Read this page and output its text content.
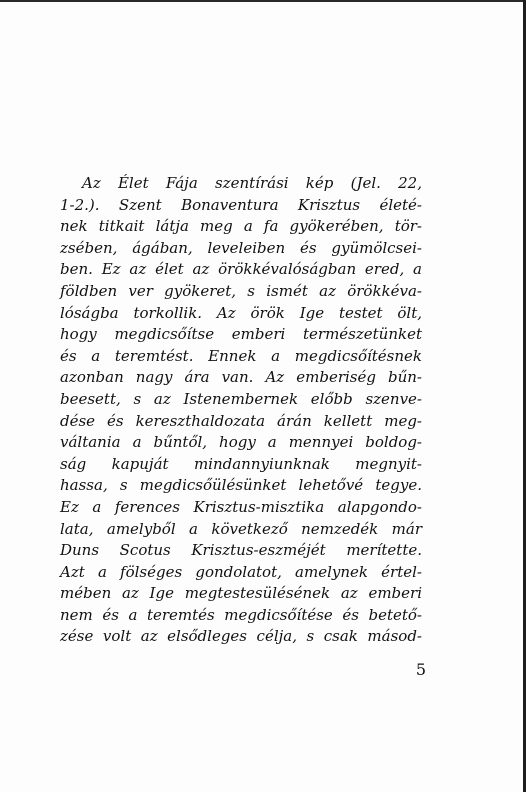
Az Élet Fája szentírási kép (Jel. 22,
1-2.). Szent Bonaventura Krisztus életé-
nek titkait látja meg a fa gyökerében, tör-
zsében, ágában, leveleiben és gyümölcsei-
ben. Ez az élet az örökkévalóságban ered, a
földben ver gyökeret, s ismét az örökkéva-
lóságba torkollik. Az örök Ige testet ölt,
hogy megdicsőítse emberi természetünket
és a teremtést. Ennek a megdicsőítésnek
azonban nagy ára van. Az emberiség bűn-
beesett, s az Istenembernek előbb szenve-
dése és kereszthaldozata árán kellett meg-
váltania a bűntől, hogy a mennyei boldog-
ság kapuját mindannyiunknak megnyit-
hassa, s megdicsőülésünket lehetővé tegye.
Ez a ferences Krisztus-misztika alapgondo-
lata, amelyből a következő nemzedék már
Duns Scotus Krisztus-eszméjét merítette.
Azt a fölséges gondolatot, amelynek értel-
mében az Ige megtestesülésének az emberi
nem és a teremtés megdicsőítése és betető-
zése volt az elsődleges célja, s csak másod-
5
